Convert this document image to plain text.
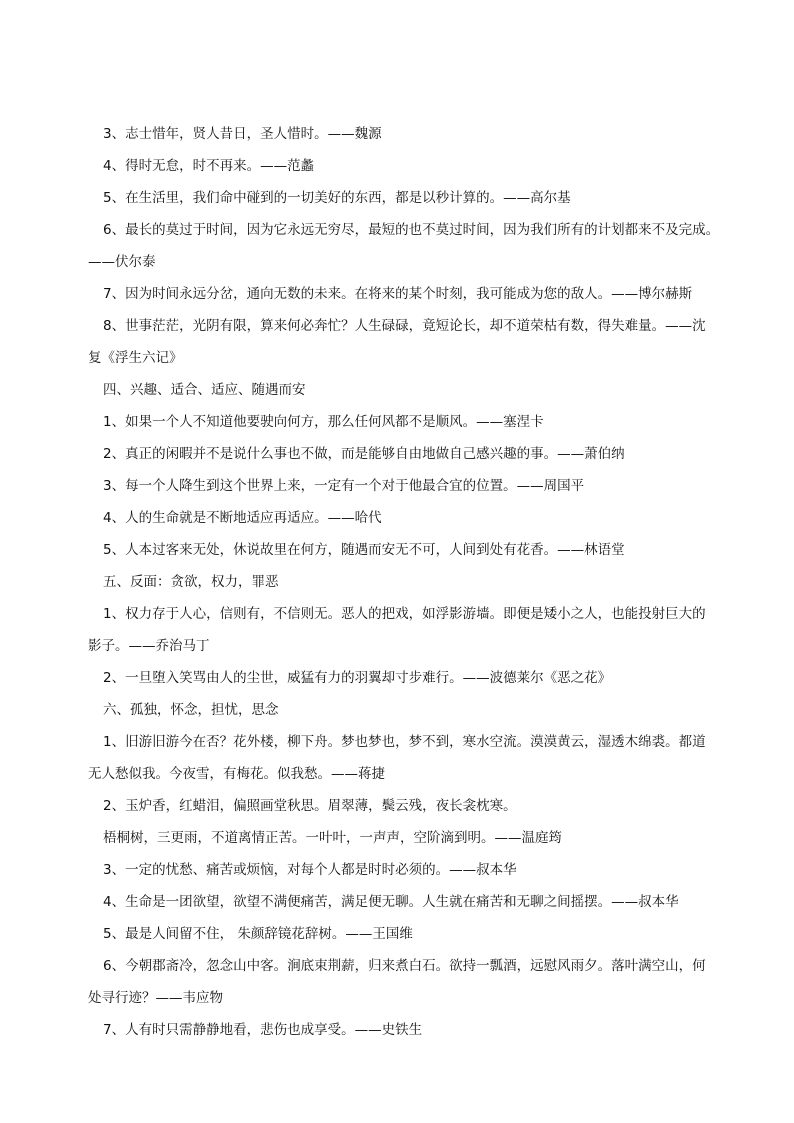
3、志士惜年，贤人昔日，圣人惜时。——魏源
4、得时无怠，时不再来。——范蠡
5、在生活里，我们命中碰到的一切美好的东西，都是以秒计算的。——高尔基
6、最长的莫过于时间，因为它永远无穷尽，最短的也不莫过时间，因为我们所有的计划都来不及完成。
——伏尔泰
7、因为时间永远分岔，通向无数的未来。在将来的某个时刻，我可能成为您的敌人。——博尔赫斯
8、世事茫茫，光阴有限，算来何必奔忙？人生碌碌，竟短论长，却不道荣枯有数，得失难量。——沈
复《浮生六记》
四、兴趣、适合、适应、随遇而安
1、如果一个人不知道他要驶向何方，那么任何风都不是顺风。——塞涅卡
2、真正的闲暇并不是说什么事也不做，而是能够自由地做自己感兴趣的事。——萧伯纳
3、每一个人降生到这个世界上来，一定有一个对于他最合宜的位置。——周国平
4、人的生命就是不断地适应再适应。——哈代
5、人本过客来无处，休说故里在何方，随遇而安无不可，人间到处有花香。——林语堂
五、反面：贪欲，权力，罪恶
1、权力存于人心，信则有，不信则无。恶人的把戏，如浮影游墙。即便是矮小之人，也能投射巨大的
影子。——乔治马丁
2、一旦堕入笑骂由人的尘世，威猛有力的羽翼却寸步难行。——波德莱尔《恶之花》
六、孤独，怀念，担忧，思念
1、旧游旧游今在否？花外楼，柳下舟。梦也梦也，梦不到，寒水空流。漠漠黄云，湿透木绵裘。都道
无人愁似我。今夜雪，有梅花。似我愁。——蒋捷
2、玉炉香，红蜡泪，偏照画堂秋思。眉翠薄，鬓云残，夜长衾枕寒。
梧桐树，三更雨，不道离情正苦。一叶叶，一声声，空阶滴到明。——温庭筠
3、一定的忧愁、痛苦或烦恼，对每个人都是时时必须的。——叔本华
4、生命是一团欲望，欲望不满便痛苦，满足便无聊。人生就在痛苦和无聊之间摇摆。——叔本华
5、最是人间留不住， 朱颜辞镜花辞树。——王国维
6、今朝郡斋冷，忽念山中客。涧底束荆薪，归来煮白石。欲持一瓢酒，远慰风雨夕。落叶满空山，何
处寻行迹？——韦应物
7、人有时只需静静地看，悲伤也成享受。——史铁生
